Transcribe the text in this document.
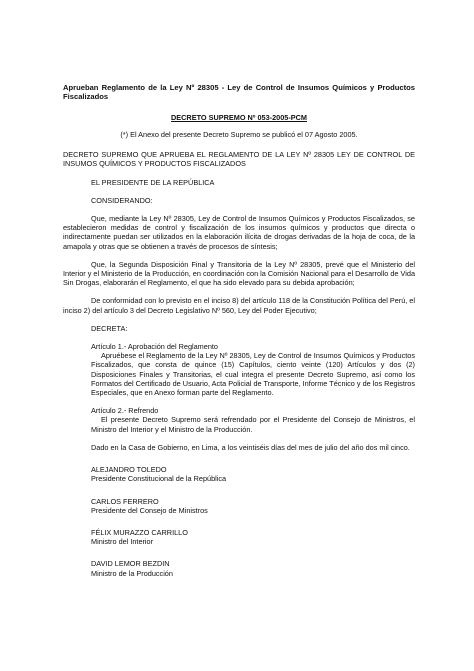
Aprueban Reglamento de la Ley Nº 28305 - Ley de Control de Insumos Químicos y Productos Fiscalizados
DECRETO SUPREMO Nº 053-2005-PCM
(*) El Anexo del presente Decreto Supremo se publicó el 07 Agosto 2005.
DECRETO SUPREMO QUE APRUEBA EL REGLAMENTO DE LA LEY Nº 28305 LEY DE CONTROL DE INSUMOS QUÍMICOS Y PRODUCTOS FISCALIZADOS
EL PRESIDENTE DE LA REPÚBLICA
CONSIDERANDO:
Que, mediante la Ley Nº 28305, Ley de Control de Insumos Químicos y Productos Fiscalizados, se establecieron medidas de control y fiscalización de los insumos químicos y productos que directa o indirectamente puedan ser utilizados en la elaboración ilícita de drogas derivadas de la hoja de coca, de la amapola y otras que se obtienen a través de procesos de síntesis;
Que, la Segunda Disposición Final y Transitoria de la Ley Nº 28305, prevé que el Ministerio del Interior y el Ministerio de la Producción, en coordinación con la Comisión Nacional para el Desarrollo de Vida Sin Drogas, elaborarán el Reglamento, el que ha sido elevado para su debida aprobación;
De conformidad con lo previsto en el inciso 8) del artículo 118 de la Constitución Política del Perú, el inciso 2) del artículo 3 del Decreto Legislativo Nº 560, Ley del Poder Ejecutivo;
DECRETA:
Artículo 1.- Aprobación del Reglamento
Apruébese el Reglamento de la Ley Nº 28305, Ley de Control de Insumos Químicos y Productos Fiscalizados, que consta de quince (15) Capítulos, ciento veinte (120) Artículos y dos (2) Disposiciones Finales y Transitorias, el cual integra el presente Decreto Supremo, así como los Formatos del Certificado de Usuario, Acta Policial de Transporte, Informe Técnico y de los Registros Especiales, que en Anexo forman parte del Reglamento.
Artículo 2.- Refrendo
El presente Decreto Supremo será refrendado por el Presidente del Consejo de Ministros, el Ministro del Interior y el Ministro de la Producción.
Dado en la Casa de Gobierno, en Lima, a los veintiséis días del mes de julio del año dos mil cinco.
ALEJANDRO TOLEDO
Presidente Constitucional de la República
CARLOS FERRERO
Presidente del Consejo de Ministros
FÉLIX MURAZZO CARRILLO
Ministro del Interior
DAVID LEMOR BEZDIN
Ministro de la Producción
